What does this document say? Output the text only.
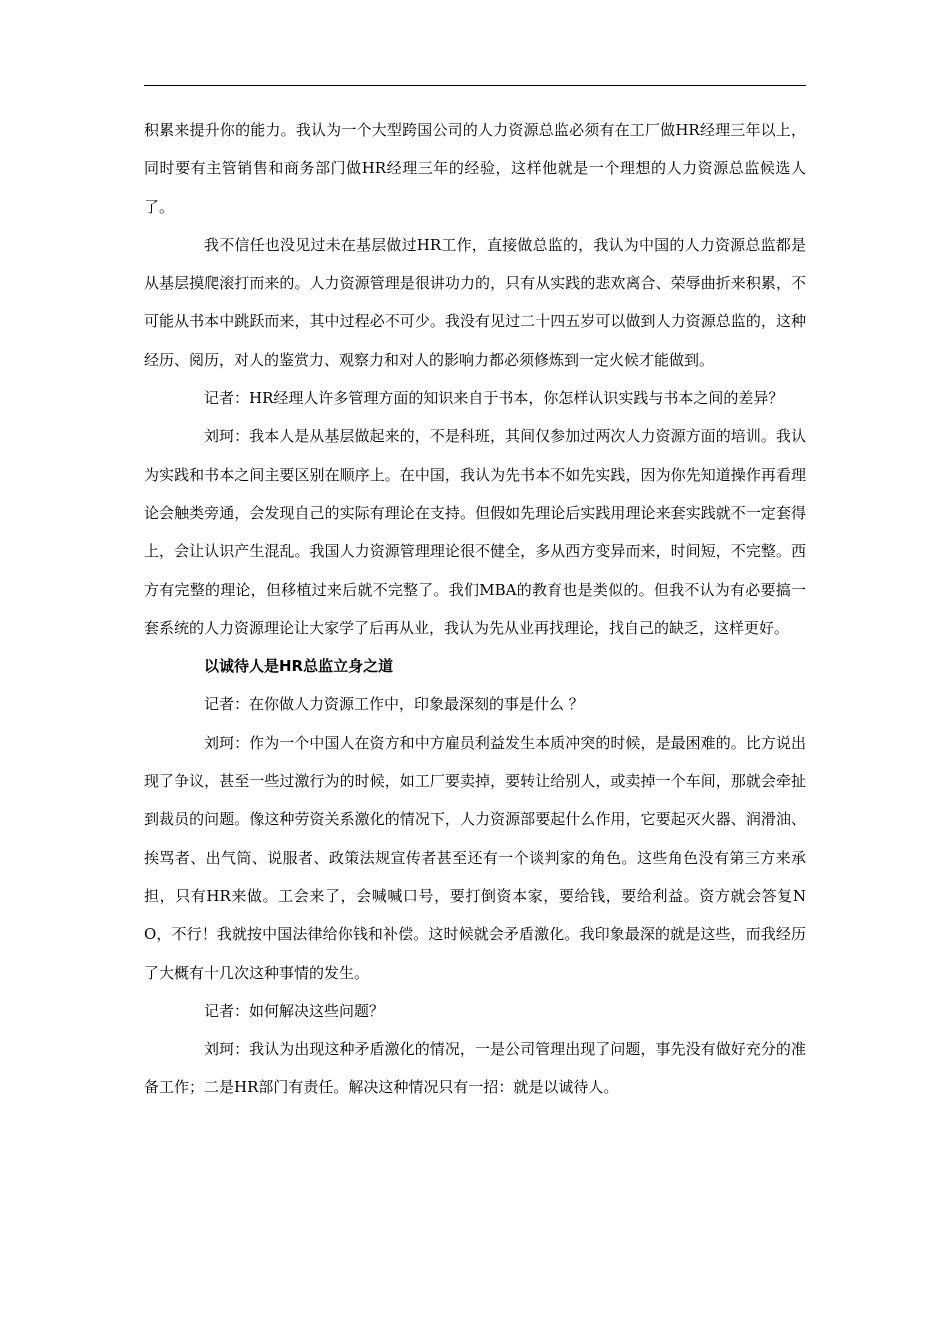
积累来提升你的能力。我认为一个大型跨国公司的人力资源总监必须有在工厂做HR经理三年以上，同时要有主管销售和商务部门做HR经理三年的经验，这样他就是一个理想的人力资源总监候选人了。

我不信任也没见过未在基层做过HR工作，直接做总监的，我认为中国的人力资源总监都是从基层摸爬滚打而来的。人力资源管理是很讲功力的，只有从实践的悲欢离合、荣辱曲折来积累，不可能从书本中跳跃而来，其中过程必不可少。我没有见过二十四五岁可以做到人力资源总监的，这种经历、阅历，对人的鉴赏力、观察力和对人的影响力都必须修炼到一定火候才能做到。

记者：HR经理人许多管理方面的知识来自于书本，你怎样认识实践与书本之间的差异？

刘珂：我本人是从基层做起来的，不是科班，其间仅参加过两次人力资源方面的培训。我认为实践和书本之间主要区别在顺序上。在中国，我认为先书本不如先实践，因为你先知道操作再看理论会触类旁通，会发现自己的实际有理论在支持。但假如先理论后实践用理论来套实践就不一定套得上，会让认识产生混乱。我国人力资源管理理论很不健全，多从西方变异而来，时间短，不完整。西方有完整的理论，但移植过来后就不完整了。我们MBA的教育也是类似的。但我不认为有必要搞一套系统的人力资源理论让大家学了后再从业，我认为先从业再找理论，找自己的缺乏，这样更好。

以诚待人是HR总监立身之道

记者：在你做人力资源工作中，印象最深刻的事是什么 ？

刘珂：作为一个中国人在资方和中方雇员利益发生本质冲突的时候，是最困难的。比方说出现了争议，甚至一些过激行为的时候，如工厂要卖掉，要转让给别人，或卖掉一个车间，那就会牵扯到裁员的问题。像这种劳资关系激化的情况下，人力资源部要起什么作用，它要起灭火器、润滑油、挨骂者、出气筒、说服者、政策法规宣传者甚至还有一个谈判家的角色。这些角色没有第三方来承担，只有HR来做。工会来了，会喊喊口号，要打倒资本家，要给钱，要给利益。资方就会答复NO，不行！我就按中国法律给你钱和补偿。这时候就会矛盾激化。我印象最深的就是这些，而我经历了大概有十几次这种事情的发生。

记者：如何解决这些问题？

刘珂：我认为出现这种矛盾激化的情况，一是公司管理出现了问题，事先没有做好充分的准备工作；二是HR部门有责任。解决这种情况只有一招：就是以诚待人。
